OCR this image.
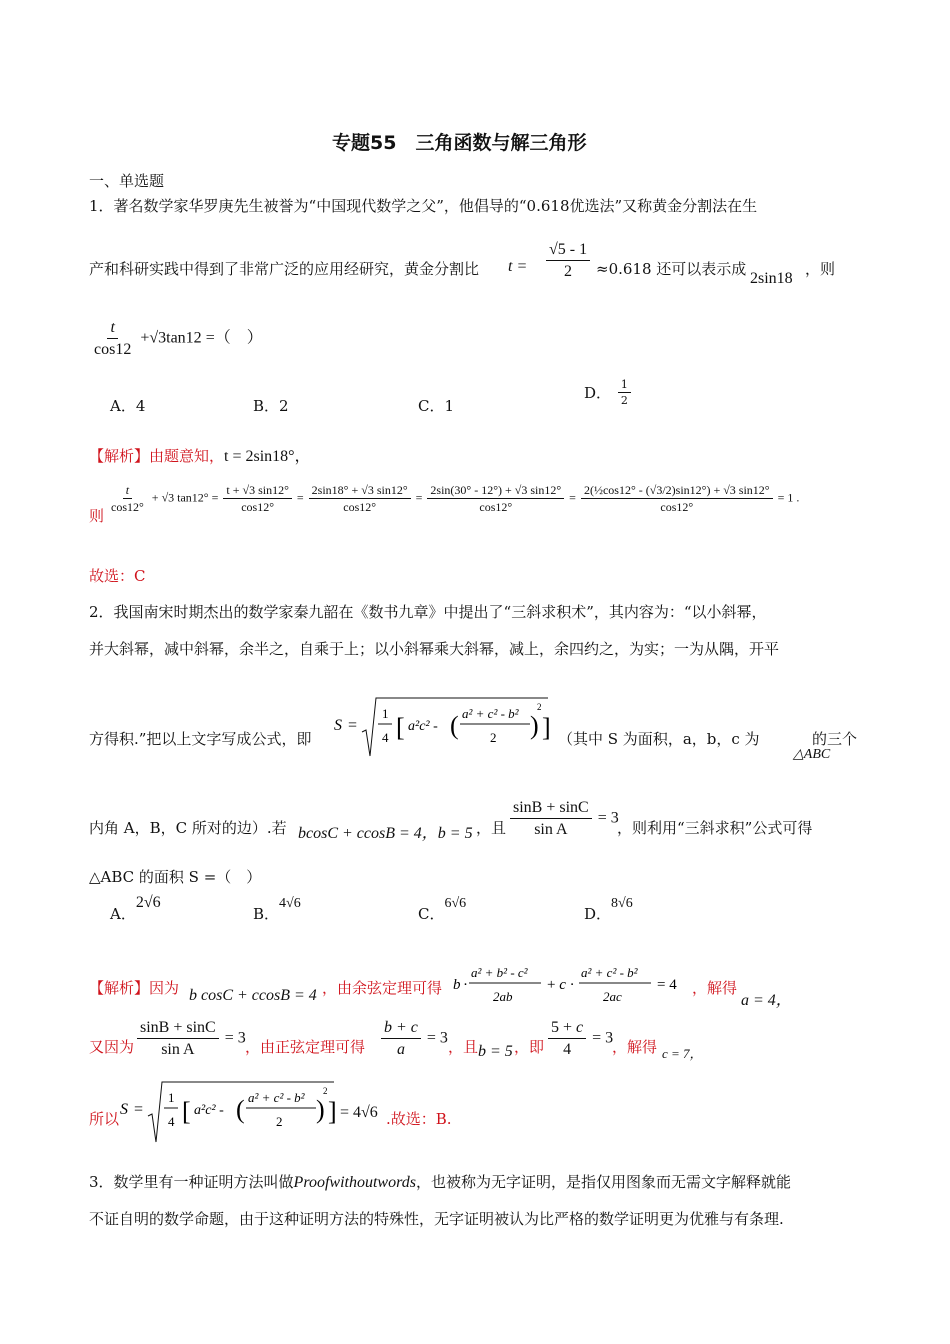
专题55　三角函数与解三角形
一、单选题
1．著名数学家华罗庚先生被誉为“中国现代数学之父”，他倡导的“0.618优选法”又称黄金分割法在生
产和科研实践中得到了非常广泛的应用经研究，黄金分割比 $t = \frac{√5 - 1}{2} \approx 0.618$ 还可以表示成
2sin18
，则
$\frac{t}{\cos 12} +√3\tan 12$ =（　）
A．4	B．2	C．1
D． $\frac{1}{2}$
【解析】由题意知，t = 2sin18°，
则
$\frac{t}{\cos 12^\circ} + √3$ $\tan 12^\circ = \frac{t + √3 \sin 12^\circ}{\cos 12^\circ} = \frac{2\sin 18^\circ + √3 \sin 12^\circ}{\cos 12^\circ} = \frac{2\sin(30^\circ - 12^\circ) + √3 \sin 12^\circ}{\cos 12^\circ} = \frac{\text{2(½cos12° - (√3/2)sin12°) + √3 sin12°}}{\cos 12^\circ} = 1$ .
故选：C
2．我国南宋时期杰出的数学家秦九韶在《数书九章》中提出了“三斜求积术”，其内容为：“以小斜幂，
并大斜幂，减中斜幂，余半之，自乘于上；以小斜幂乘大斜幂，减上，余四约之，为实；一为从隅，开平
方得积.”把以上文字写成公式，即
S =
1
4 [ a²c² - ( a² + c² - b²
2 )
2
] （其中 S 为面积，a，b，c 为
△ABC
的三个
内角 A，B，C 所对的边）.若 bcosC + ccosB = 4，b = 5 ，且 $\frac{\sin B + \sin C}{\text{sin A}} = 3$
，则利用“三斜求积”公式可得
△ABC 的面积 S =（　）
A．2√6
B．4√6
C．6√6
D．8√6
【解析】因为 b cosC + ccosB = 4 ，由余弦定理可得 b ·
a² + b² - c²
2ab
+ c ·
a² + c² - b²
2ac
= 4 ，解得
a = 4，
又因为 $\frac{\sin B + \sin C}{\text{sin A}} = 3$
，由正弦定理可得 $\frac{b + c}{a} = 3$
，且 b = 5 ，即 $\frac{5 + c}{4} = 3$
，解得 c = 7，
所以
S =
1
4 [ a²c² - ( a² + c² - b²
2 )
2
] = 4√6 .故选：B.
3．数学里有一种证明方法叫做Proofwithoutwords，也被称为无字证明，是指仅用图象而无需文字解释就能
不证自明的数学命题，由于这种证明方法的特殊性，无字证明被认为比严格的数学证明更为优雅与有条理.
